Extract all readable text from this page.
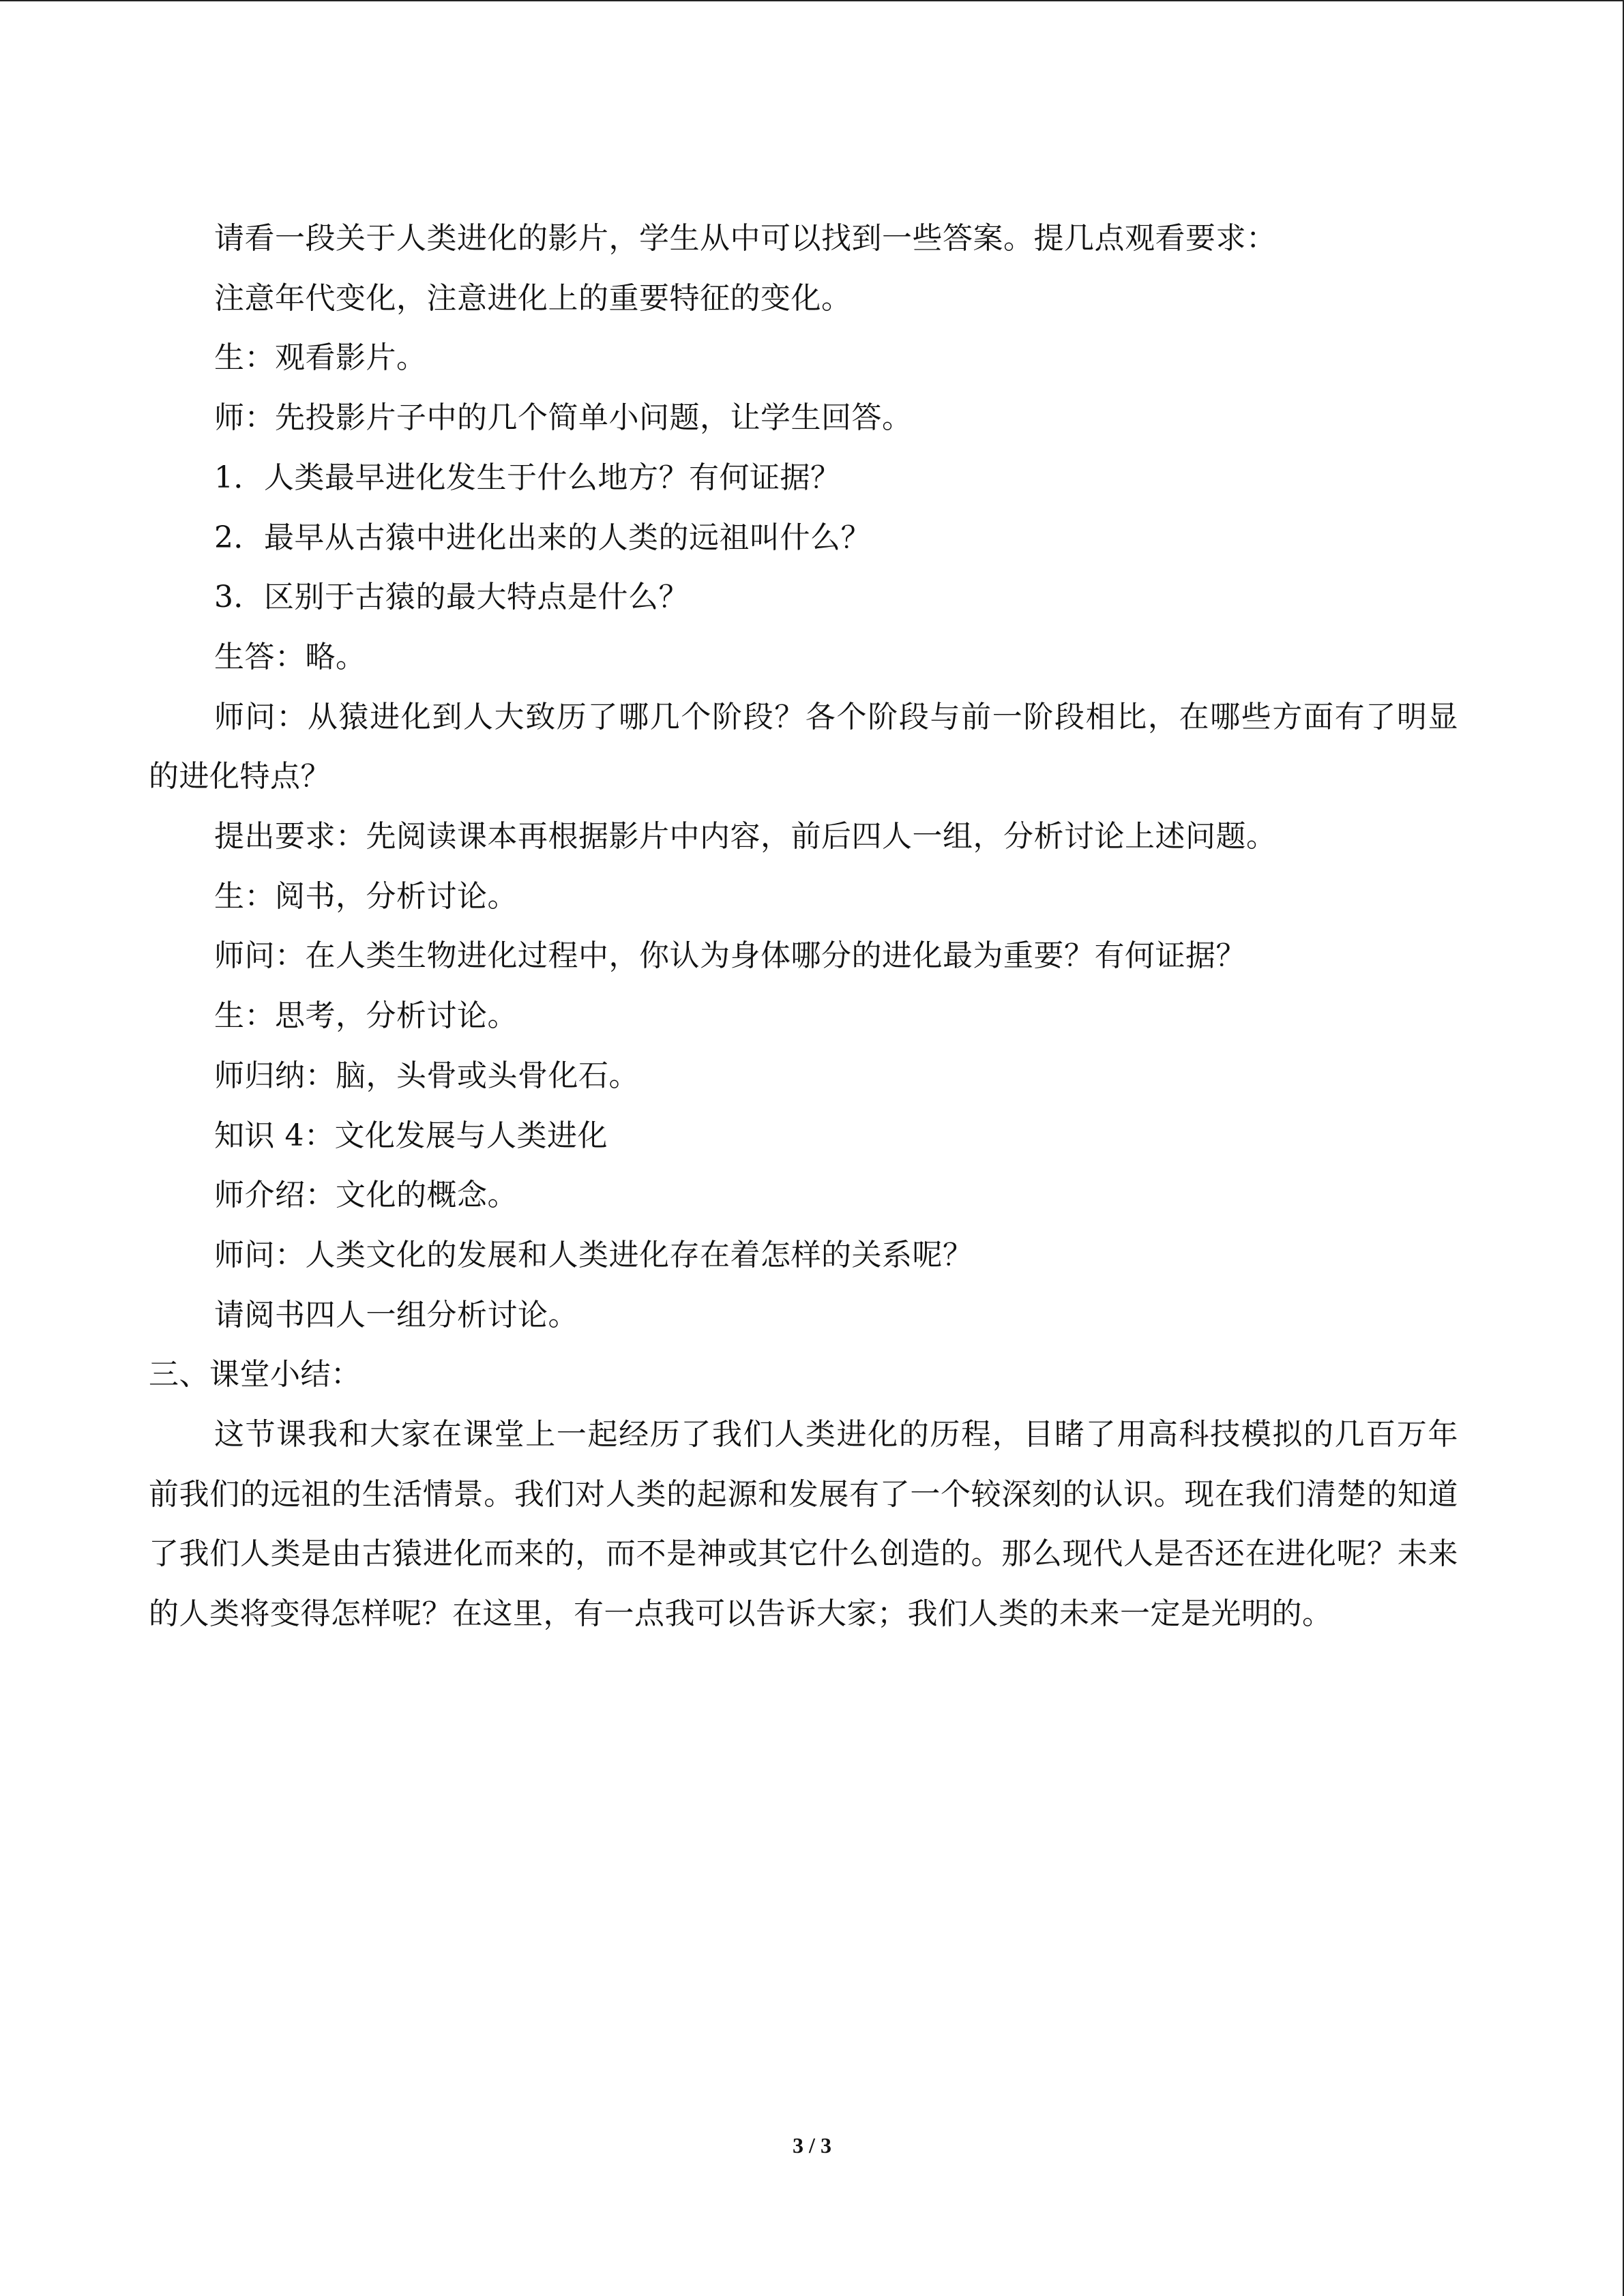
请看一段关于人类进化的影片，学生从中可以找到一些答案。提几点观看要求：
注意年代变化，注意进化上的重要特征的变化。
生：观看影片。
师：先投影片子中的几个简单小问题，让学生回答。
1．人类最早进化发生于什么地方？有何证据？
2．最早从古猿中进化出来的人类的远祖叫什么？
3．区别于古猿的最大特点是什么？
生答：略。
师问：从猿进化到人大致历了哪几个阶段？各个阶段与前一阶段相比，在哪些方面有了明显的进化特点？
提出要求：先阅读课本再根据影片中内容，前后四人一组，分析讨论上述问题。
生：阅书，分析讨论。
师问：在人类生物进化过程中，你认为身体哪分的进化最为重要？有何证据？
生：思考，分析讨论。
师归纳：脑，头骨或头骨化石。
知识 4：文化发展与人类进化
师介绍：文化的概念。
师问：人类文化的发展和人类进化存在着怎样的关系呢？
请阅书四人一组分析讨论。
三、课堂小结：
这节课我和大家在课堂上一起经历了我们人类进化的历程，目睹了用高科技模拟的几百万年前我们的远祖的生活情景。我们对人类的起源和发展有了一个较深刻的认识。现在我们清楚的知道了我们人类是由古猿进化而来的，而不是神或其它什么创造的。那么现代人是否还在进化呢？未来的人类将变得怎样呢？在这里，有一点我可以告诉大家；我们人类的未来一定是光明的。
3 / 3
